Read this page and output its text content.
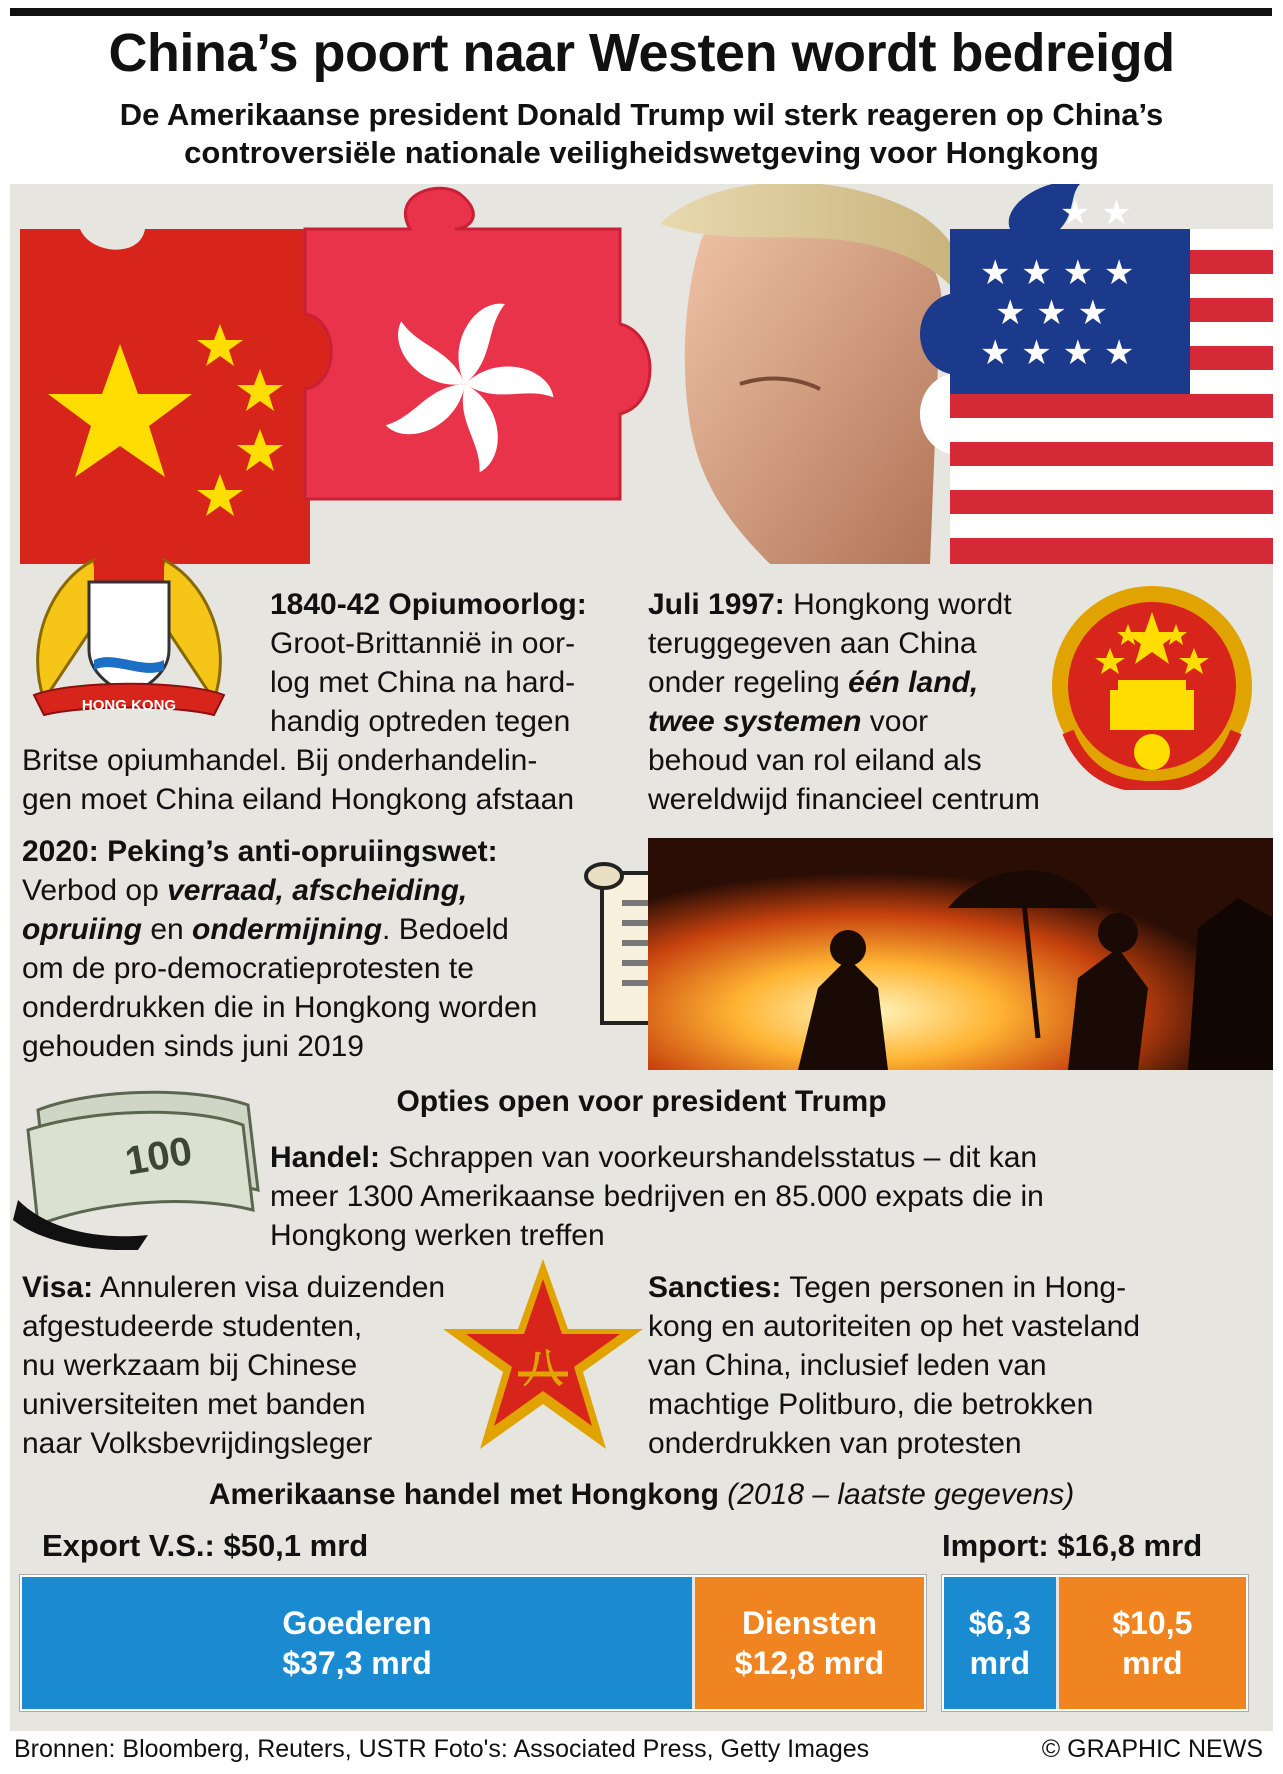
China’s poort naar Westen wordt bedreigd
De Amerikaanse president Donald Trump wil sterk reageren op China’s
controversiële nationale veiligheidswetgeving voor Hongkong
★ ★ ★ ★
★ ★ ★
★ ★ ★ ★
★ ★
HONG KONG
100
八
1840-42 Opiumoorlog:
Groot-Brittannië in oor-
log met China na hard-
handig optreden tegen
Britse opiumhandel. Bij onderhandelin-
gen moet China eiland Hongkong afstaan
Juli 1997: Hongkong wordt
teruggegeven aan China
onder regeling één land,
twee systemen voor
behoud van rol eiland als
wereldwijd financieel centrum
2020: Peking’s anti-opruiingswet:
Verbod op verraad, afscheiding,
opruiing en ondermijning. Bedoeld
om de pro-democratieprotesten te
onderdrukken die in Hongkong worden
gehouden sinds juni 2019
Opties open voor president Trump
Handel: Schrappen van voorkeurshandelsstatus – dit kan
meer 1300 Amerikaanse bedrijven en 85.000 expats die in
Hongkong werken treffen
Visa: Annuleren visa duizenden
afgestudeerde studenten,
nu werkzaam bij Chinese
universiteiten met banden
naar Volksbevrijdingsleger
Sancties: Tegen personen in Hong-
kong en autoriteiten op het vasteland
van China, inclusief leden van
machtige Politburo, die betrokken
onderdrukken van protesten
Amerikaanse handel met Hongkong (2018 – laatste gegevens)
Export V.S.: $50,1 mrd	Import: $16,8 mrd
Goederen
$37,3 mrd
Diensten
$12,8 mrd
$6,3
mrd
$10,5
mrd
Bronnen: Bloomberg, Reuters, USTR Foto's: Associated Press, Getty Images	© GRAPHIC NEWS
